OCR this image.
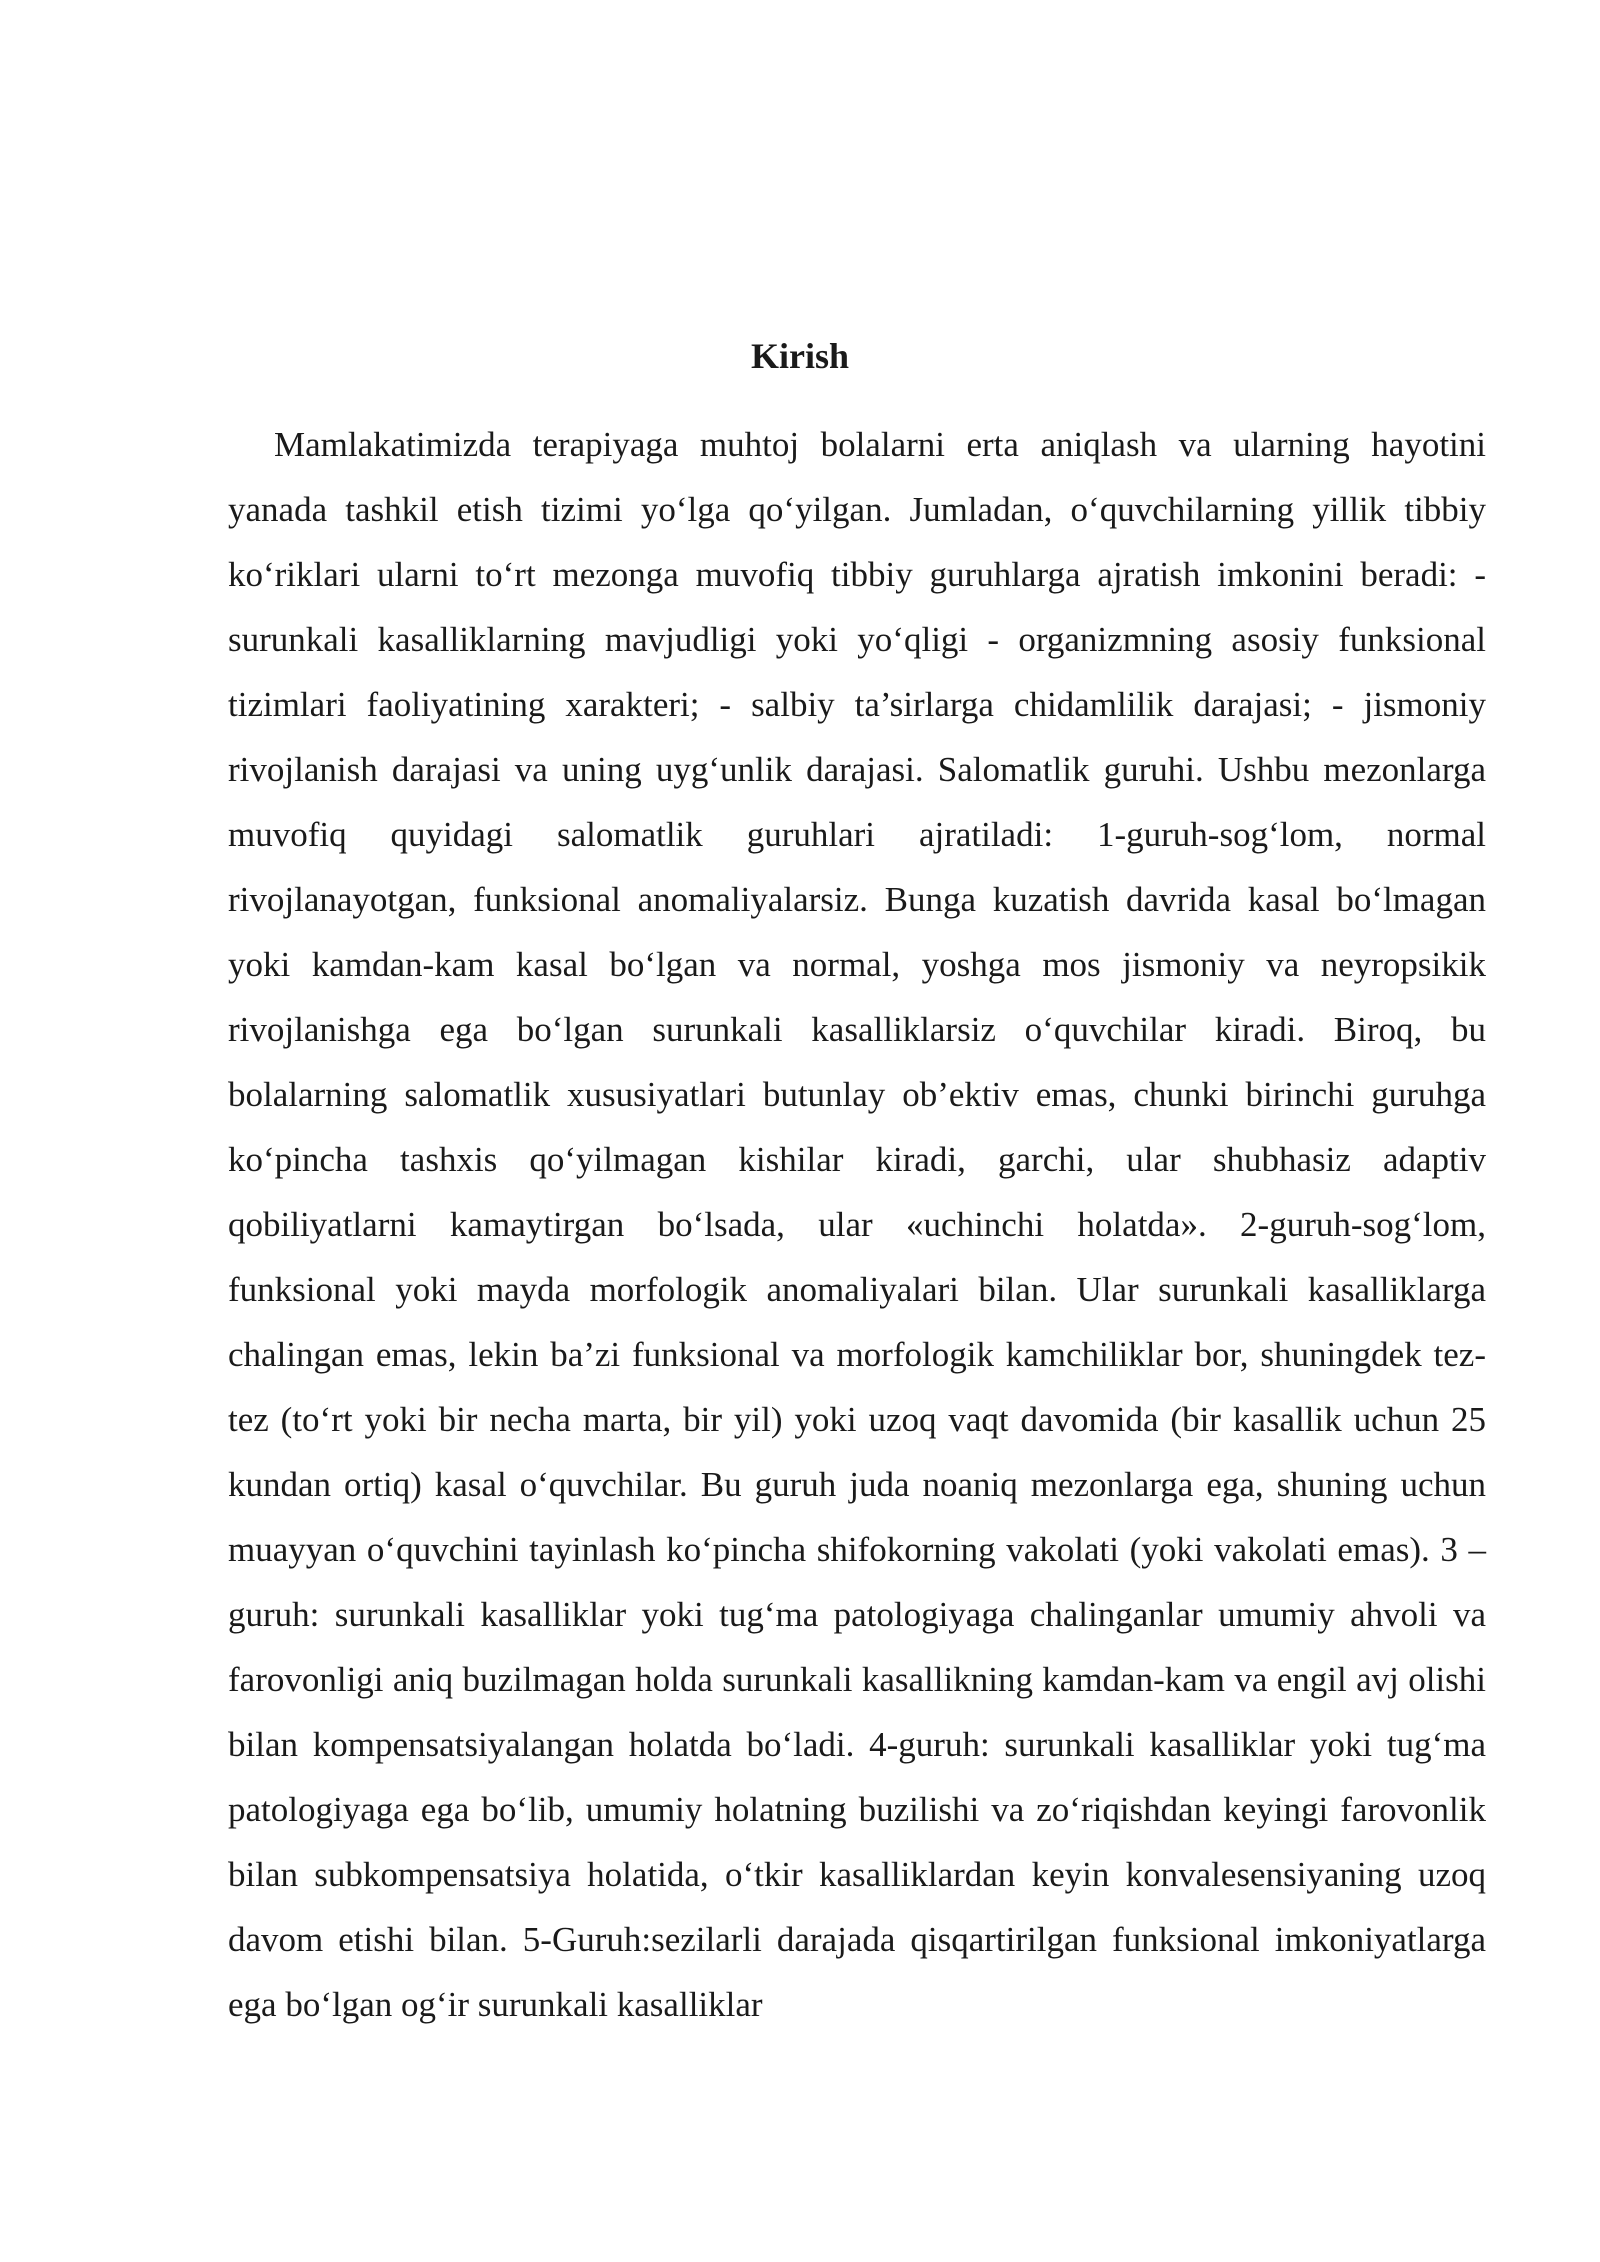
Kirish

Mamlakatimizda terapiyaga muhtoj bolalarni erta aniqlash va ularning hayotini yanada tashkil etish tizimi yo‘lga qo‘yilgan. Jumladan, o‘quvchilarning yillik tibbiy ko‘riklari ularni to‘rt mezonga muvofiq tibbiy guruhlarga ajratish imkonini beradi: - surunkali kasalliklarning mavjudligi yoki yo‘qligi - organizmning asosiy funksional tizimlari faoliyatining xarakteri; - salbiy ta’sirlarga chidamlilik darajasi; - jismoniy rivojlanish darajasi va uning uyg‘unlik darajasi. Salomatlik guruhi. Ushbu mezonlarga muvofiq quyidagi salomatlik guruhlari ajratiladi: 1-guruh-sog‘lom, normal rivojlanayotgan, funksional anomaliyalarsiz. Bunga kuzatish davrida kasal bo‘lmagan yoki kamdan-kam kasal bo‘lgan va normal, yoshga mos jismoniy va neyropsikik rivojlanishga ega bo‘lgan surunkali kasalliklarsiz o‘quvchilar kiradi. Biroq, bu bolalarning salomatlik xususiyatlari butunlay ob’ektiv emas, chunki birinchi guruhga ko‘pincha tashxis qo‘yilmagan kishilar kiradi, garchi, ular shubhasiz adaptiv qobiliyatlarni kamaytirgan bo‘lsada, ular «uchinchi holatda». 2-guruh-sog‘lom, funksional yoki mayda morfologik anomaliyalari bilan. Ular surunkali kasalliklarga chalingan emas, lekin ba’zi funksional va morfologik kamchiliklar bor, shuningdek tez-tez (to‘rt yoki bir necha marta, bir yil) yoki uzoq vaqt davomida (bir kasallik uchun 25 kundan ortiq) kasal o‘quvchilar. Bu guruh juda noaniq mezonlarga ega, shuning uchun muayyan o‘quvchini tayinlash ko‘pincha shifokorning vakolati (yoki vakolati emas). 3 – guruh: surunkali kasalliklar yoki tug‘ma patologiyaga chalinganlar umumiy ahvoli va farovonligi aniq buzilmagan holda surunkali kasallikning kamdan-kam va engil avj olishi bilan kompensatsiyalangan holatda bo‘ladi. 4-guruh: surunkali kasalliklar yoki tug‘ma patologiyaga ega bo‘lib, umumiy holatning buzilishi va zo‘riqishdan keyingi farovonlik bilan subkompensatsiya holatida, o‘tkir kasalliklardan keyin konvalesensiyaning uzoq davom etishi bilan. 5-Guruh:sezilarli darajada qisqartirilgan funksional imkoniyatlarga ega bo‘lgan og‘ir surunkali kasalliklar
